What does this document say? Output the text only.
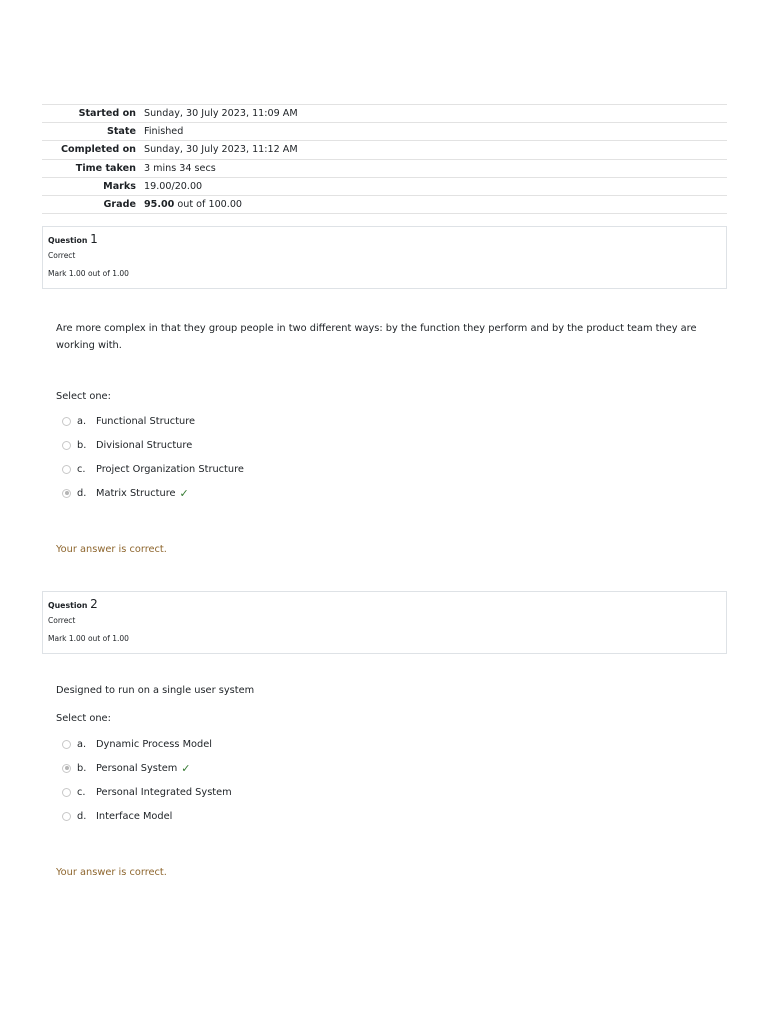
Started on	Sunday, 30 July 2023, 11:09 AM
State	Finished
Completed on	Sunday, 30 July 2023, 11:12 AM
Time taken	3 mins 34 secs
Marks	19.00/20.00
Grade	95.00 out of 100.00
Question 1
Correct
Mark 1.00 out of 1.00
Are more complex in that they group people in two different ways: by the function they perform and by the product team they are working with.
Select one:
a.	Functional Structure
b. Divisional Structure
c.	Project Organization Structure
d. Matrix Structure ✓
Your answer is correct.
Question 2
Correct
Mark 1.00 out of 1.00
Designed to run on a single user system
Select one:
a.	Dynamic Process Model
b. Personal System ✓
c.	Personal Integrated System
d. Interface Model
Your answer is correct.
